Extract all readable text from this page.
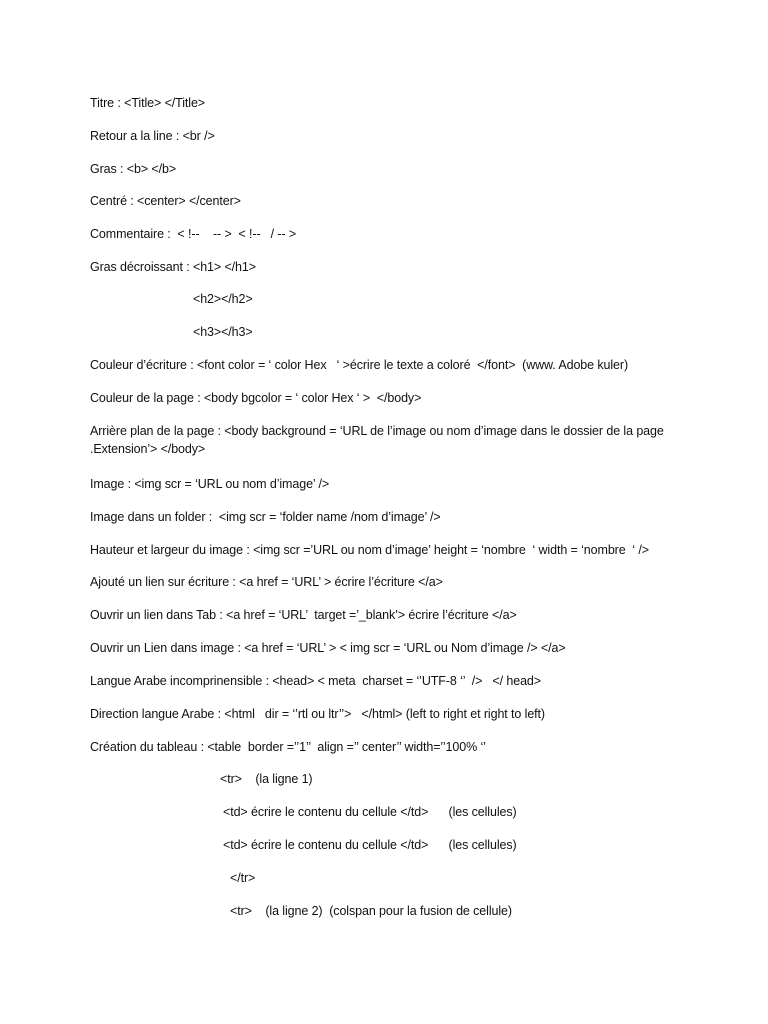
Titre : <Title> </Title>
Retour a la line : <br />
Gras : <b> </b>
Centré : <center> </center>
Commentaire :  < !--    -- >  < !--   / -- >
Gras décroissant : <h1> </h1>
<h2></h2>
<h3></h3>
Couleur d’écriture : <font color = ‘ color Hex   ‘ >écrire le texte a coloré  </font>  (www. Adobe kuler)
Couleur de la page : <body bgcolor = ‘ color Hex ‘ >  </body>
Arrière plan de la page : <body background = ‘URL de l’image ou nom d’image dans le dossier de la page .Extension’> </body>
Image : <img scr = ‘URL ou nom d’image’ />
Image dans un folder :  <img scr = ‘folder name /nom d’image’ />
Hauteur et largeur du image : <img scr =’URL ou nom d’image’ height = ‘nombre  ‘ width = ‘nombre  ‘ />
Ajouté un lien sur écriture : <a href = ‘URL’ > écrire l’écriture </a>
Ouvrir un lien dans Tab : <a href = ‘URL’  target =’_blank’> écrire l’écriture </a>
Ouvrir un Lien dans image : <a href = ‘URL’ > < img scr = ‘URL ou Nom d’image /> </a>
Langue Arabe incomprinensible : <head> < meta  charset = ‘’UTF-8 ‘’  />   </ head>
Direction langue Arabe : <html   dir = ‘’rtl ou ltr’’>   </html> (left to right et right to left)
Création du tableau : <table  border =’’1’’  align =’’ center’’ width=’’100% ‘’
<tr>    (la ligne 1)
<td> écrire le contenu du cellule </td>      (les cellules)
<td> écrire le contenu du cellule </td>      (les cellules)
</tr>
<tr>    (la ligne 2)  (colspan pour la fusion de cellule)
